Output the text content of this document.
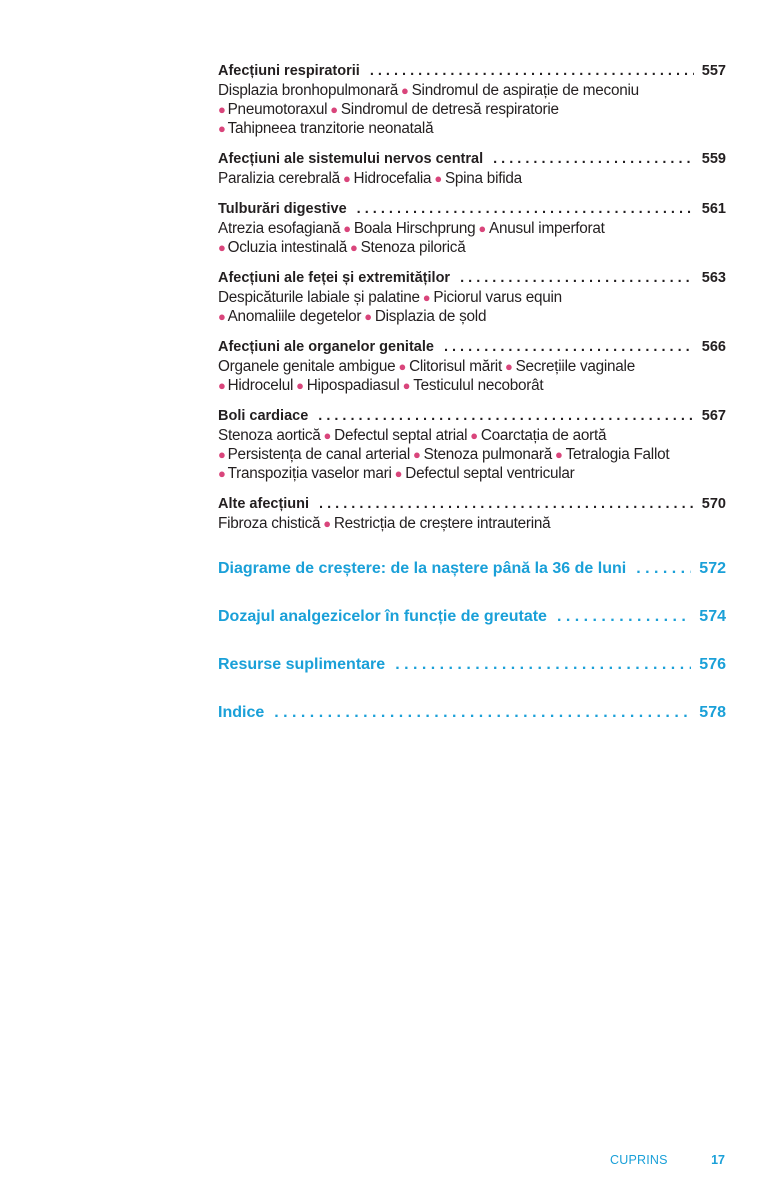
Afecțiuni respiratorii . . .	557
Displazia bronhopulmonară ● Sindromul de aspirație de meconiu
● Pneumotoraxul ● Sindromul de detresă respiratorie
● Tahipneea tranzitorie neonatală
Afecțiuni ale sistemului nervos central . . .	559
Paralizia cerebrală ● Hidrocefalia ● Spina bifida
Tulburări digestive . . .	561
Atrezia esofagiană ● Boala Hirschprung ● Anusul imperforat
● Ocluzia intestinală ● Stenoza pilorică
Afecțiuni ale feței și extremităților . . .	563
Despicăturile labiale și palatine ● Piciorul varus equin
● Anomaliile degetelor ● Displazia de șold
Afecțiuni ale organelor genitale . . .	566
Organele genitale ambigue ● Clitorisul mărit ● Secrețiile vaginale
● Hidrocelul ● Hipospadiasul ● Testiculul necoborât
Boli cardiace . . .	567
Stenoza aortică ● Defectul septal atrial ● Coarctația de aortă
● Persistența de canal arterial ● Stenoza pulmonară ● Tetralogia Fallot
● Transpoziția vaselor mari ● Defectul septal ventricular
Alte afecțiuni . . .	570
Fibroza chistică ● Restricția de creștere intrauterină
Diagrame de creștere: de la naștere până la 36 de luni . . .	572
Dozajul analgezicelor în funcție de greutate . . .	574
Resurse suplimentare . . .	576
Indice . . .	578
CUPRINS	17
